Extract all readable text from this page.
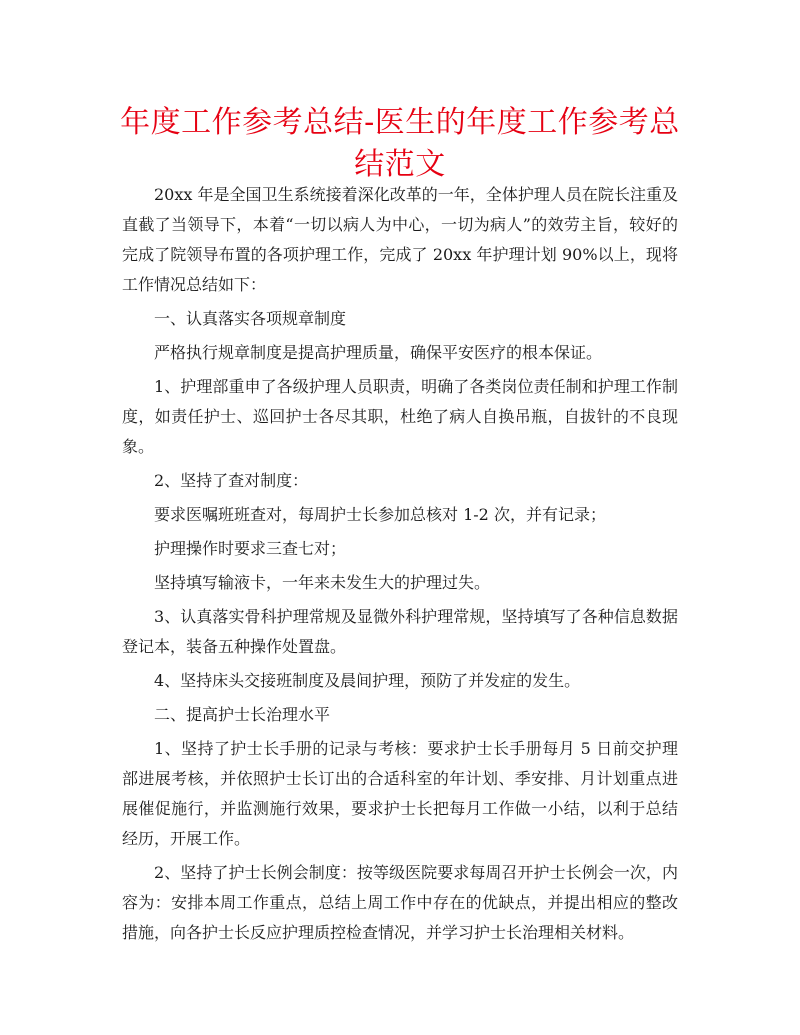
年度工作参考总结-医生的年度工作参考总结范文

20xx 年是全国卫生系统接着深化改革的一年，全体护理人员在院长注重及直截了当领导下，本着“一切以病人为中心，一切为病人”的效劳主旨，较好的完成了院领导布置的各项护理工作，完成了 20xx 年护理计划 90%以上，现将工作情况总结如下：

一、认真落实各项规章制度

严格执行规章制度是提高护理质量，确保平安医疗的根本保证。

1、护理部重申了各级护理人员职责，明确了各类岗位责任制和护理工作制度，如责任护士、巡回护士各尽其职，杜绝了病人自换吊瓶，自拔针的不良现象。

2、坚持了查对制度：

要求医嘱班班查对，每周护士长参加总核对 1-2 次，并有记录；

护理操作时要求三查七对；

坚持填写输液卡，一年来未发生大的护理过失。

3、认真落实骨科护理常规及显微外科护理常规，坚持填写了各种信息数据登记本，装备五种操作处置盘。

4、坚持床头交接班制度及晨间护理，预防了并发症的发生。

二、提高护士长治理水平

1、坚持了护士长手册的记录与考核：要求护士长手册每月 5 日前交护理部进展考核，并依照护士长订出的合适科室的年计划、季安排、月计划重点进展催促施行，并监测施行效果，要求护士长把每月工作做一小结，以利于总结经历，开展工作。

2、坚持了护士长例会制度：按等级医院要求每周召开护士长例会一次，内容为：安排本周工作重点，总结上周工作中存在的优缺点，并提出相应的整改措施，向各护士长反应护理质控检查情况，并学习护士长治理相关材料。
